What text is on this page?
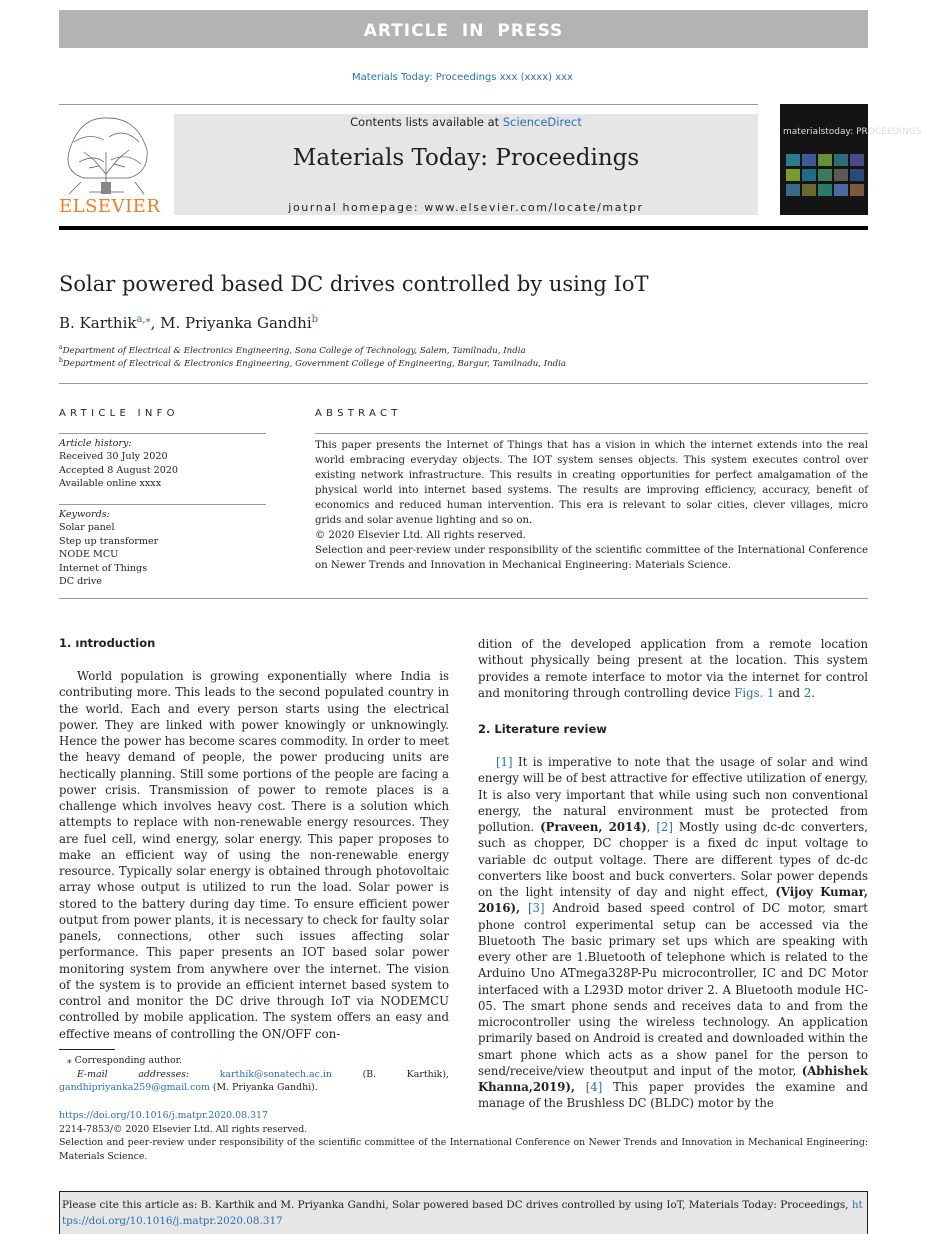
ARTICLE IN PRESS
Materials Today: Proceedings xxx (xxxx) xxx
ELSEVIER
Contents lists available at ScienceDirect
Materials Today: Proceedings
journal homepage: www.elsevier.com/locate/matpr
materialstoday: PROCEEDINGS
Solar powered based DC drives controlled by using IoT
B. Karthik$^{a,⁎}$, M. Priyanka Gandhi$^b$
$^a$Department of Electrical & Electronics Engineering, Sona College of Technology, Salem, Tamilnadu, India
$^b$Department of Electrical & Electronics Engineering, Government College of Engineering, Bargur, Tamilnadu, India
ARTICLE INFO
Article history:
Received 30 July 2020
Accepted 8 August 2020
Available online xxxx
Keywords:
Solar panel
Step up transformer
NODE MCU
Internet of Things
DC drive
ABSTRACT

This paper presents the Internet of Things that has a vision in which the internet extends into the real world embracing everyday objects. The IOT system senses objects. This system executes control over existing network infrastructure. This results in creating opportunities for perfect amalgamation of the physical world into internet based systems. The results are improving efficiency, accuracy, benefit of economics and reduced human intervention. This era is relevant to solar cities, clever villages, micro grids and solar avenue lighting and so on.

© 2020 Elsevier Ltd. All rights reserved.

Selection and peer-review under responsibility of the scientific committee of the International Conference on Newer Trends and Innovation in Mechanical Engineering: Materials Science.

1. ıntroduction

World population is growing exponentially where India is contributing more. This leads to the second populated country in the world. Each and every person starts using the electrical power. They are linked with power knowingly or unknowingly. Hence the power has become scares commodity. In order to meet the heavy demand of people, the power producing units are hectically planning. Still some portions of the people are facing a power crisis. Transmission of power to remote places is a challenge which involves heavy cost. There is a solution which attempts to replace with non-renewable energy resources. They are fuel cell, wind energy, solar energy. This paper proposes to make an efficient way of using the non-renewable energy resource. Typically solar energy is obtained through photovoltaic array whose output is utilized to run the load. Solar power is stored to the battery during day time. To ensure efficient power output from power plants, it is necessary to check for faulty solar panels, connections, other such issues affecting solar performance. This paper presents an IOT based solar power monitoring system from anywhere over the internet. The vision of the system is to provide an efficient internet based system to control and monitor the DC drive through IoT via NODEMCU controlled by mobile application. The system offers an easy and effective means of controlling the ON/OFF con-

⁎ Corresponding author.
E-mail addresses:	karthik@sonatech.ac.in	(B. Karthik), gandhipriyanka259@gmail.com (M. Priyanka Gandhi).

dition of the developed application from a remote location without physically being present at the location. This system provides a remote interface to motor via the internet for control and monitoring through controlling device Figs. 1 and 2.

2. Literature review

[1] It is imperative to note that the usage of solar and wind energy will be of best attractive for effective utilization of energy, It is also very important that while using such non conventional energy, the natural environment must be protected from pollution. (Praveen, 2014), [2] Mostly using dc-dc converters, such as chopper, DC chopper is a fixed dc input voltage to variable dc output voltage. There are different types of dc-dc converters like boost and buck converters. Solar power depends on the light intensity of day and night effect, (Vijoy Kumar, 2016), [3] Android based speed control of DC motor, smart phone control experimental setup can be accessed via the Bluetooth The basic primary set ups which are speaking with every other are 1.Bluetooth of telephone which is related to the Arduino Uno ATmega328P-Pu microcontroller, IC and DC Motor interfaced with a L293D motor driver 2. A Bluetooth module HC-05. The smart phone sends and receives data to and from the microcontroller using the wireless technology. An application primarily based on Android is created and downloaded within the smart phone which acts as a show panel for the person to send/receive/view theoutput and input of the motor, (Abhishek Khanna,2019), [4] This paper provides the examine and manage of the Brushless DC (BLDC) motor by the

https://doi.org/10.1016/j.matpr.2020.08.317
2214-7853/© 2020 Elsevier Ltd. All rights reserved.
Selection and peer-review under responsibility of the scientific committee of the International Conference on Newer Trends and Innovation in Mechanical Engineering: Materials Science.
Please cite this article as: B. Karthik and M. Priyanka Gandhi, Solar powered based DC drives controlled by using IoT, Materials Today: Proceedings, https://doi.org/10.1016/j.matpr.2020.08.317
